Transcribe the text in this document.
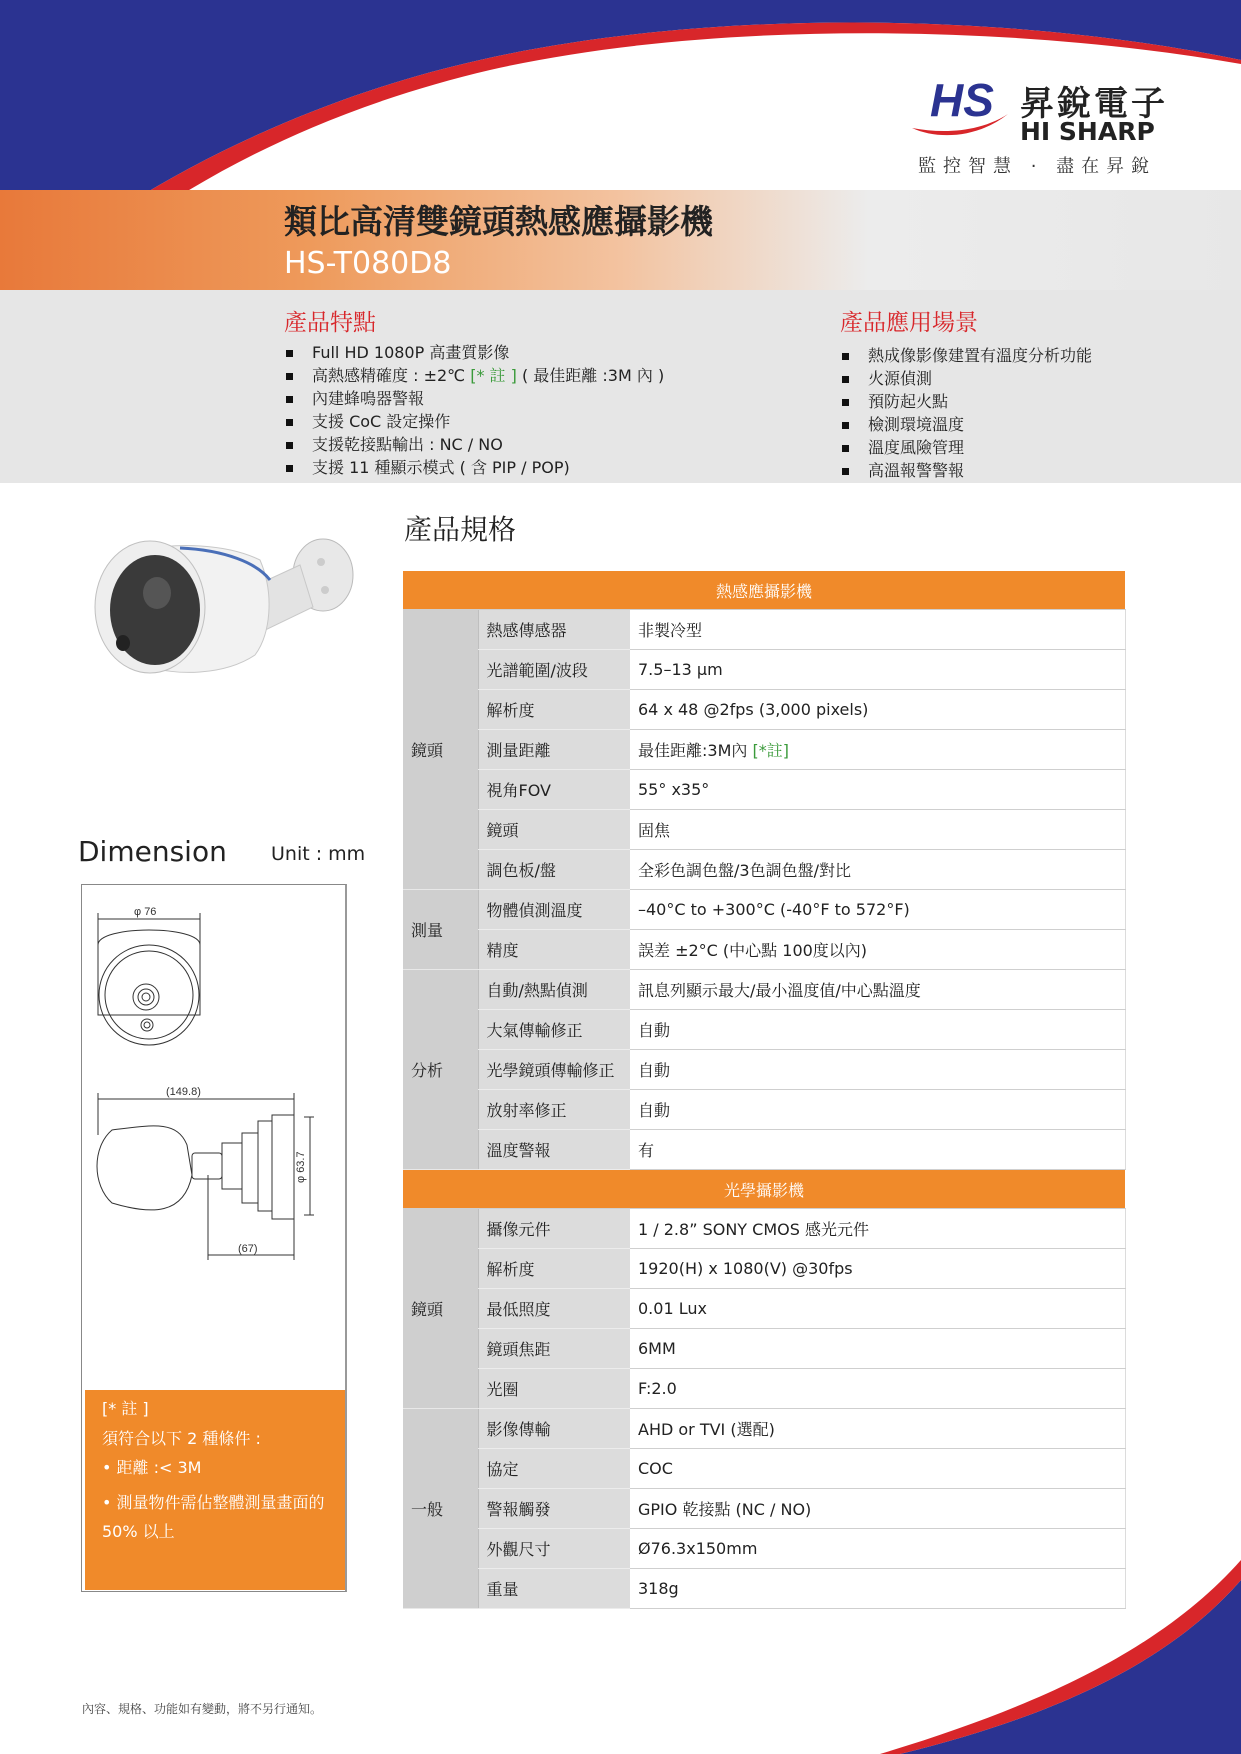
HS 昇銳電子
HI SHARP
監控智慧 · 盡在昇銳
類比高清雙鏡頭熱感應攝影機
HS-T080D8
產品特點
Full HD 1080P 高畫質影像
高熱感精確度 : ±2℃ [* 註 ] ( 最佳距離 :3M 內 )
內建蜂鳴器警報
支援 CoC 設定操作
支援乾接點輸出 : NC / NO
支援 11 種顯示模式 ( 含 PIP / POP)
產品應用場景
熱成像影像建置有溫度分析功能
火源偵測
預防起火點
檢測環境溫度
溫度風險管理
高溫報警警報
Dimension Unit : mm
φ 76
(149.8)
(67)
φ 63.7
[* 註 ]
須符合以下 2 種條件 :
• 距離 :< 3M
• 測量物件需佔整體測量畫面的
50% 以上
產品規格
熱感應攝影機		
鏡頭	熱感傳感器	非製冷型
	光譜範圍/波段	7.5–13 µm
	解析度	64 x 48 @2fps (3,000 pixels)
	測量距離	最佳距離:3M內 [*註]
	視角FOV	55° x35°
	鏡頭	固焦
	調色板/盤	全彩色調色盤/3色調色盤/對比
測量	物體偵測溫度	–40°C to +300°C (-40°F to 572°F)
	精度	誤差 ±2°C (中心點 100度以內)
分析	自動/熱點偵測	訊息列顯示最大/最小溫度值/中心點溫度
	大氣傳輸修正	自動
	光學鏡頭傳輸修正	自動
	放射率修正	自動
	溫度警報	有
光學攝影機		
鏡頭	攝像元件	1 / 2.8” SONY CMOS 感光元件
	解析度	1920(H) x 1080(V) @30fps
	最低照度	0.01 Lux
	鏡頭焦距	6MM
	光圈	F:2.0
一般	影像傳輸	AHD or TVI (選配)
	協定	COC
	警報觸發	GPIO 乾接點 (NC / NO)
	外觀尺寸	Ø76.3x150mm
	重量	318g
內容、規格、功能如有變動，將不另行通知。
